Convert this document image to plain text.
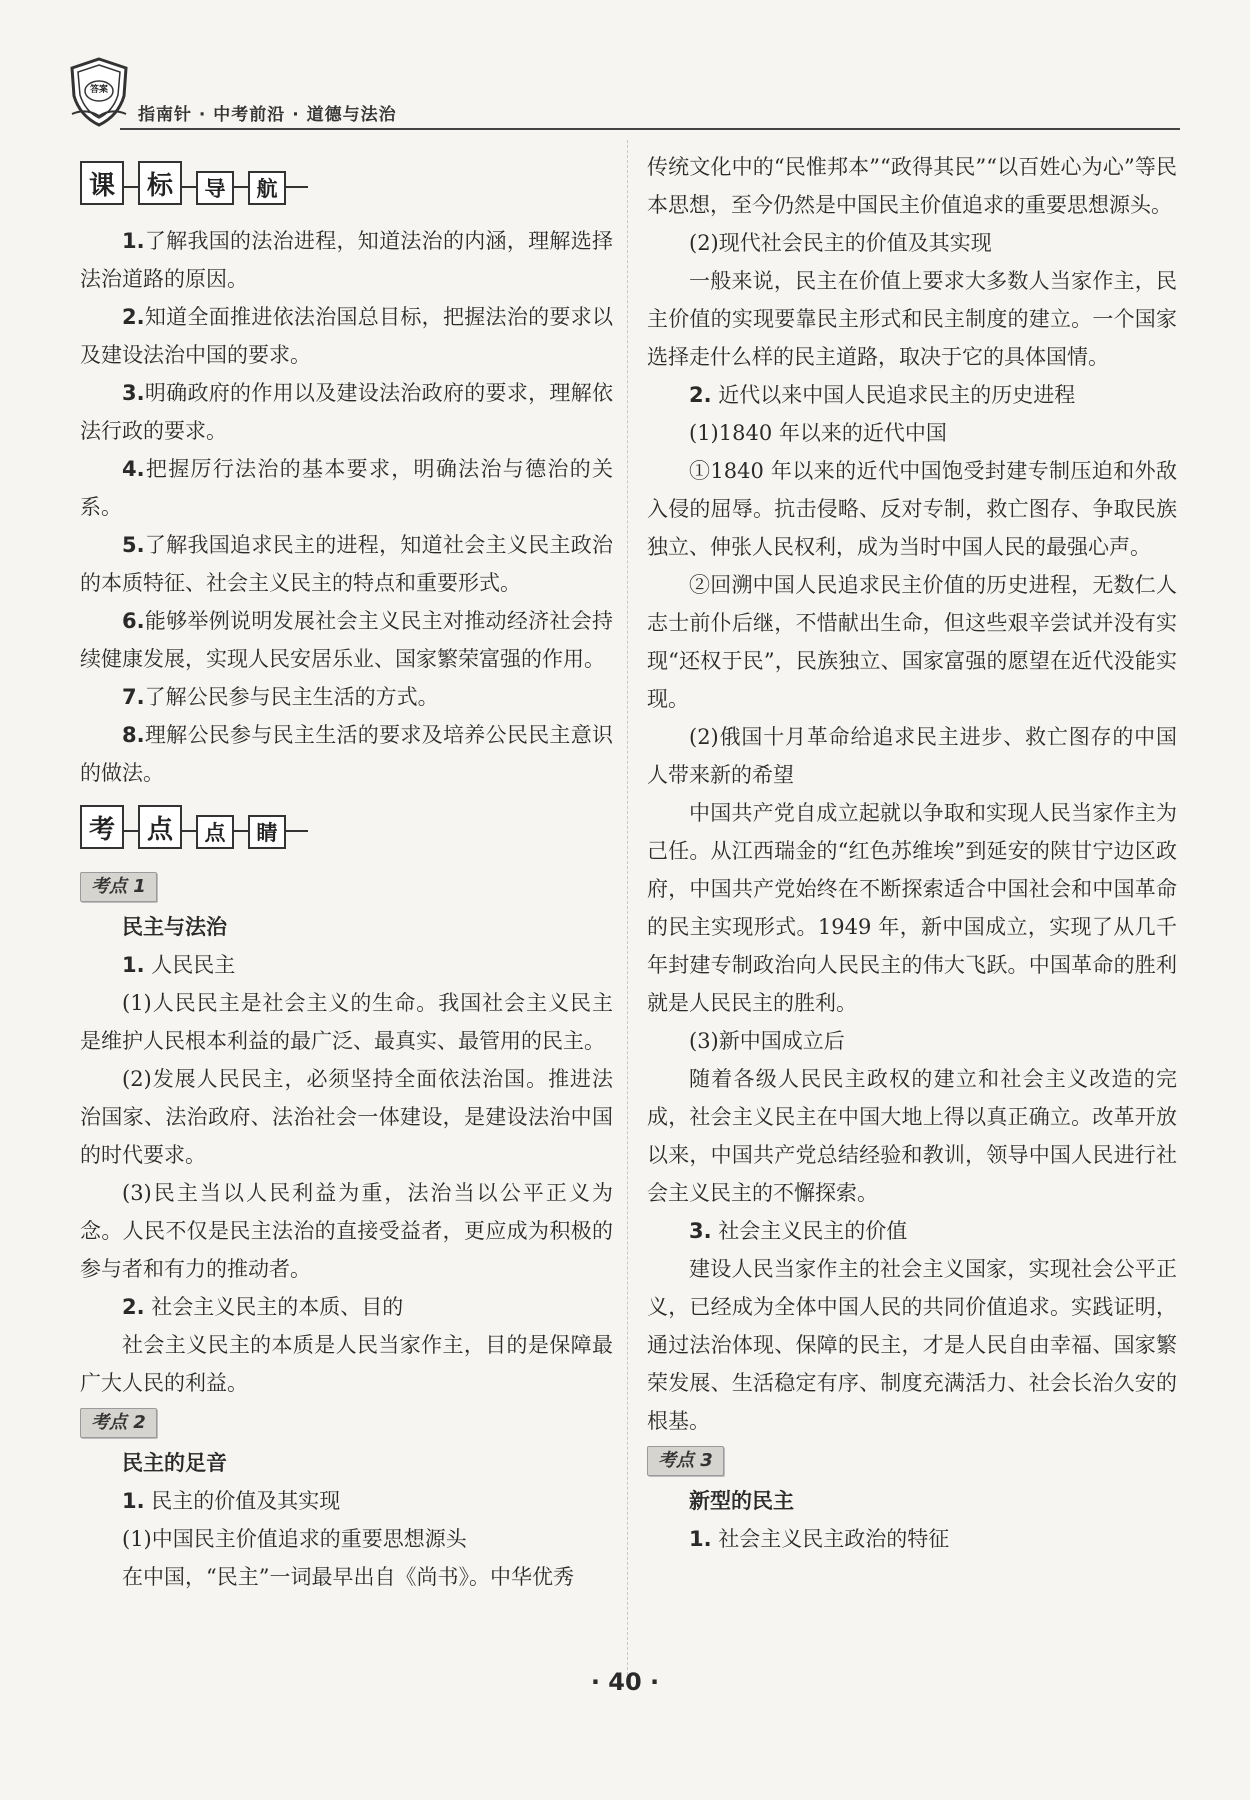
答案
指南针 · 中考前沿 · 道德与法治
课	标	导	航

1.了解我国的法治进程，知道法治的内涵，理解选择法治道路的原因。

2.知道全面推进依法治国总目标，把握法治的要求以及建设法治中国的要求。

3.明确政府的作用以及建设法治政府的要求，理解依法行政的要求。

4.把握厉行法治的基本要求，明确法治与德治的关系。

5.了解我国追求民主的进程，知道社会主义民主政治的本质特征、社会主义民主的特点和重要形式。

6.能够举例说明发展社会主义民主对推动经济社会持续健康发展，实现人民安居乐业、国家繁荣富强的作用。

7.了解公民参与民主生活的方式。

8.理解公民参与民主生活的要求及培养公民民主意识的做法。

考	点	点	睛
考点 1

民主与法治

1. 人民民主

(1)人民民主是社会主义的生命。我国社会主义民主是维护人民根本利益的最广泛、最真实、最管用的民主。

(2)发展人民民主，必须坚持全面依法治国。推进法治国家、法治政府、法治社会一体建设，是建设法治中国的时代要求。

(3)民主当以人民利益为重，法治当以公平正义为念。人民不仅是民主法治的直接受益者，更应成为积极的参与者和有力的推动者。

2. 社会主义民主的本质、目的

社会主义民主的本质是人民当家作主，目的是保障最广大人民的利益。

考点 2

民主的足音

1. 民主的价值及其实现

(1)中国民主价值追求的重要思想源头

在中国，“民主”一词最早出自《尚书》。中华优秀

传统文化中的“民惟邦本”“政得其民”“以百姓心为心”等民本思想，至今仍然是中国民主价值追求的重要思想源头。

(2)现代社会民主的价值及其实现

一般来说，民主在价值上要求大多数人当家作主，民主价值的实现要靠民主形式和民主制度的建立。一个国家选择走什么样的民主道路，取决于它的具体国情。

2. 近代以来中国人民追求民主的历史进程

(1)1840 年以来的近代中国

①1840 年以来的近代中国饱受封建专制压迫和外敌入侵的屈辱。抗击侵略、反对专制，救亡图存、争取民族独立、伸张人民权利，成为当时中国人民的最强心声。

②回溯中国人民追求民主价值的历史进程，无数仁人志士前仆后继，不惜献出生命，但这些艰辛尝试并没有实现“还权于民”，民族独立、国家富强的愿望在近代没能实现。

(2)俄国十月革命给追求民主进步、救亡图存的中国人带来新的希望

中国共产党自成立起就以争取和实现人民当家作主为己任。从江西瑞金的“红色苏维埃”到延安的陕甘宁边区政府，中国共产党始终在不断探索适合中国社会和中国革命的民主实现形式。1949 年，新中国成立，实现了从几千年封建专制政治向人民民主的伟大飞跃。中国革命的胜利就是人民民主的胜利。

(3)新中国成立后

随着各级人民民主政权的建立和社会主义改造的完成，社会主义民主在中国大地上得以真正确立。改革开放以来，中国共产党总结经验和教训，领导中国人民进行社会主义民主的不懈探索。

3. 社会主义民主的价值

建设人民当家作主的社会主义国家，实现社会公平正义，已经成为全体中国人民的共同价值追求。实践证明，通过法治体现、保障的民主，才是人民自由幸福、国家繁荣发展、生活稳定有序、制度充满活力、社会长治久安的根基。

考点 3

新型的民主

1. 社会主义民主政治的特征

· 40 ·
